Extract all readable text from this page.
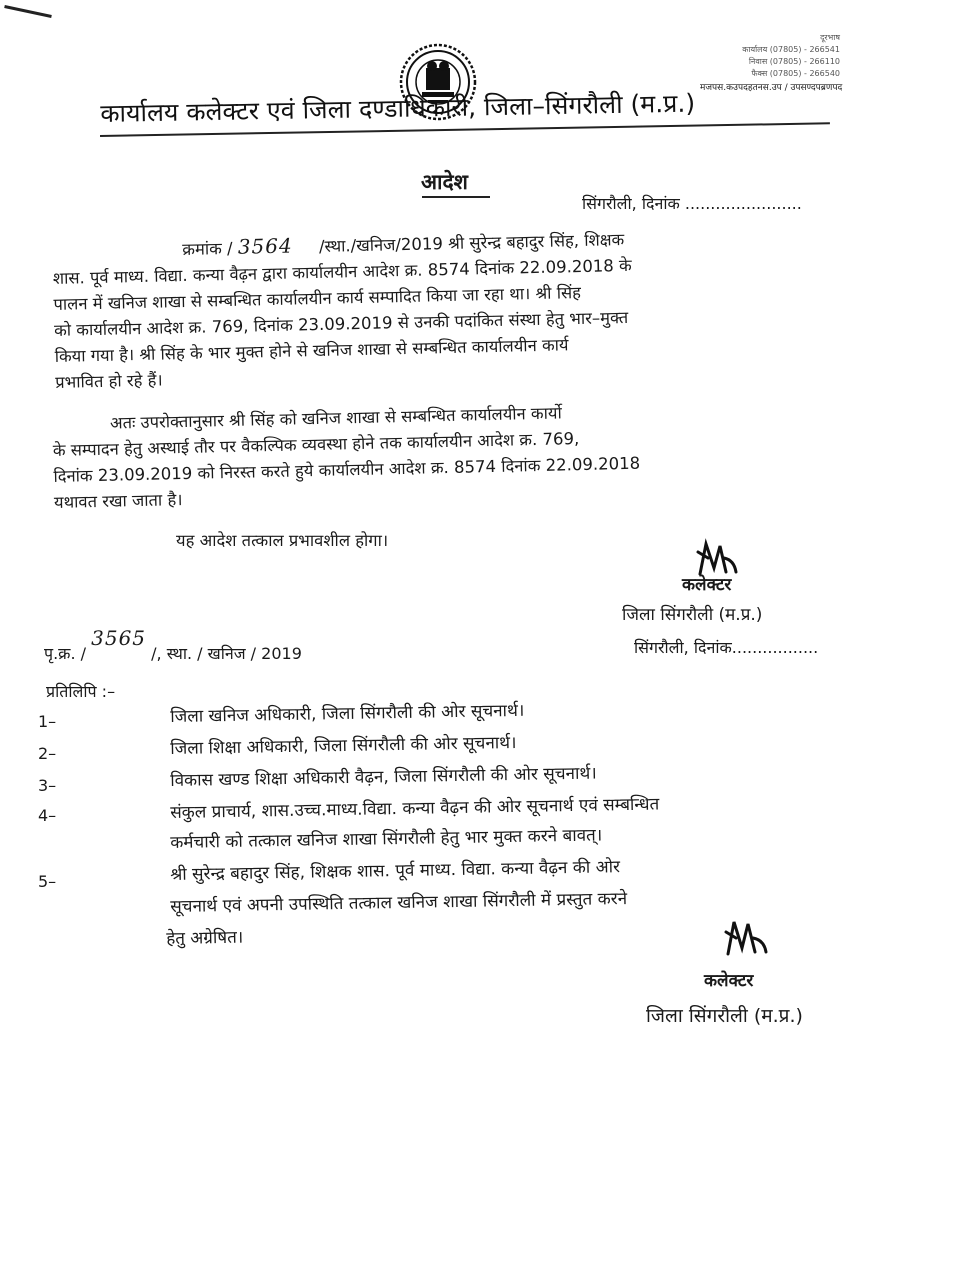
दूरभाष
कार्यालय (07805) - 266541
निवास (07805) - 266110
फैक्स (07805) - 266540
मजपस.कउपदहतनस.उप / उपसण्दपब्रणपद
कार्यालय कलेक्टर एवं जिला दण्डाधिकारी, जिला–सिंगरौली (म.प्र.)
आदेश
सिंगरौली, दिनांक .......................
क्रमांक / 3564 /स्था./खनिज/2019 श्री सुरेन्द्र बहादुर सिंह, शिक्षक
शास. पूर्व माध्य. विद्या. कन्या वैढ़न द्वारा कार्यालयीन आदेश क्र. 8574 दिनांक 22.09.2018 के
पालन में खनिज शाखा से सम्बन्धित कार्यालयीन कार्य सम्पादित किया जा रहा था। श्री सिंह
को कार्यालयीन आदेश क्र. 769, दिनांक 23.09.2019 से उनकी पदांकित संस्था हेतु भार–मुक्त
किया गया है। श्री सिंह के भार मुक्त होने से खनिज शाखा से सम्बन्धित कार्यालयीन कार्य
प्रभावित हो रहे हैं।
अतः उपरोक्तानुसार श्री सिंह को खनिज शाखा से सम्बन्धित कार्यालयीन कार्यो
के सम्पादन हेतु अस्थाई तौर पर वैकल्पिक व्यवस्था होने तक कार्यालयीन आदेश क्र. 769,
दिनांक 23.09.2019 को निरस्त करते हुये कार्यालयीन आदेश क्र. 8574 दिनांक 22.09.2018
यथावत रखा जाता है।
यह आदेश तत्काल प्रभावशील होगा।
कलेक्टर
जिला सिंगरौली (म.प्र.)
सिंगरौली, दिनांक.................
पृ.क्र. / 3565 /, स्था. / खनिज / 2019
प्रतिलिपि :–
1–	जिला खनिज अधिकारी, जिला सिंगरौली की ओर सूचनार्थ।
2–	जिला शिक्षा अधिकारी, जिला सिंगरौली की ओर सूचनार्थ।
3–	विकास खण्ड शिक्षा अधिकारी वैढ़न, जिला सिंगरौली की ओर सूचनार्थ।
4–	संकुल प्राचार्य, शास.उच्च.माध्य.विद्या. कन्या वैढ़न की ओर सूचनार्थ एवं सम्बन्धित
कर्मचारी को तत्काल खनिज शाखा सिंगरौली हेतु भार मुक्त करने बावत्।
5–	श्री सुरेन्द्र बहादुर सिंह, शिक्षक शास. पूर्व माध्य. विद्या. कन्या वैढ़न की ओर
सूचनार्थ एवं अपनी उपस्थिति तत्काल खनिज शाखा सिंगरौली में प्रस्तुत करने
हेतु अग्रेषित।
कलेक्टर
जिला सिंगरौली (म.प्र.)
